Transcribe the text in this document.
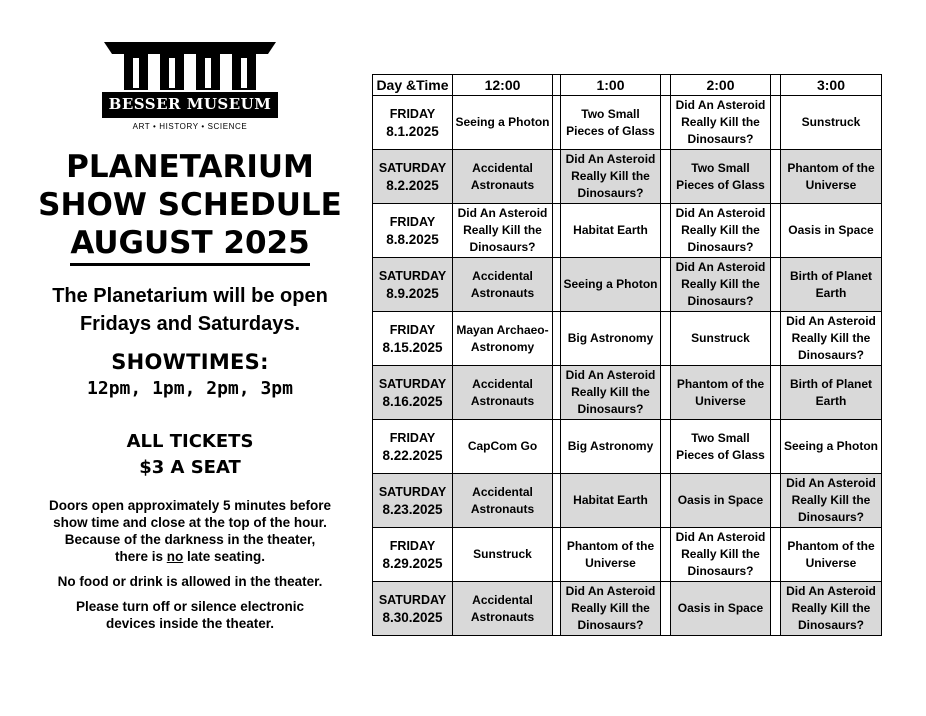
BESSER MUSEUM
ART • HISTORY • SCIENCE
PLANETARIUM
SHOW SCHEDULE
AUGUST 2025
The Planetarium will be open
Fridays and Saturdays.
SHOWTIMES:
12pm, 1pm, 2pm, 3pm
ALL TICKETS
$3 A SEAT
Doors open approximately 5 minutes before
show time and close at the top of the hour.
Because of the darkness in the theater,
there is no late seating.
No food or drink is allowed in the theater.
Please turn off or silence electronic
devices inside the theater.
Day &Time	12:00		1:00		2:00		3:00

FRIDAY
8.1.2025	Seeing a Photon		Two Small Pieces of Glass		Did An Asteroid Really Kill the Dinosaurs?		Sunstruck

SATURDAY
8.2.2025	Accidental Astronauts		Did An Asteroid Really Kill the Dinosaurs?		Two Small Pieces of Glass		Phantom of the Universe

FRIDAY
8.8.2025	Did An Asteroid Really Kill the Dinosaurs?		Habitat Earth		Did An Asteroid Really Kill the Dinosaurs?		Oasis in Space

SATURDAY
8.9.2025	Accidental Astronauts		Seeing a Photon		Did An Asteroid Really Kill the Dinosaurs?		Birth of Planet Earth

FRIDAY
8.15.2025	Mayan Archaeo-Astronomy		Big Astronomy		Sunstruck		Did An Asteroid Really Kill the Dinosaurs?

SATURDAY
8.16.2025	Accidental Astronauts		Did An Asteroid Really Kill the Dinosaurs?		Phantom of the Universe		Birth of Planet Earth

FRIDAY
8.22.2025	CapCom Go		Big Astronomy		Two Small Pieces of Glass		Seeing a Photon

SATURDAY
8.23.2025	Accidental Astronauts		Habitat Earth		Oasis in Space		Did An Asteroid Really Kill the Dinosaurs?

FRIDAY
8.29.2025	Sunstruck		Phantom of the Universe		Did An Asteroid Really Kill the Dinosaurs?		Phantom of the Universe

SATURDAY
8.30.2025	Accidental Astronauts		Did An Asteroid Really Kill the Dinosaurs?		Oasis in Space		Did An Asteroid Really Kill the Dinosaurs?
